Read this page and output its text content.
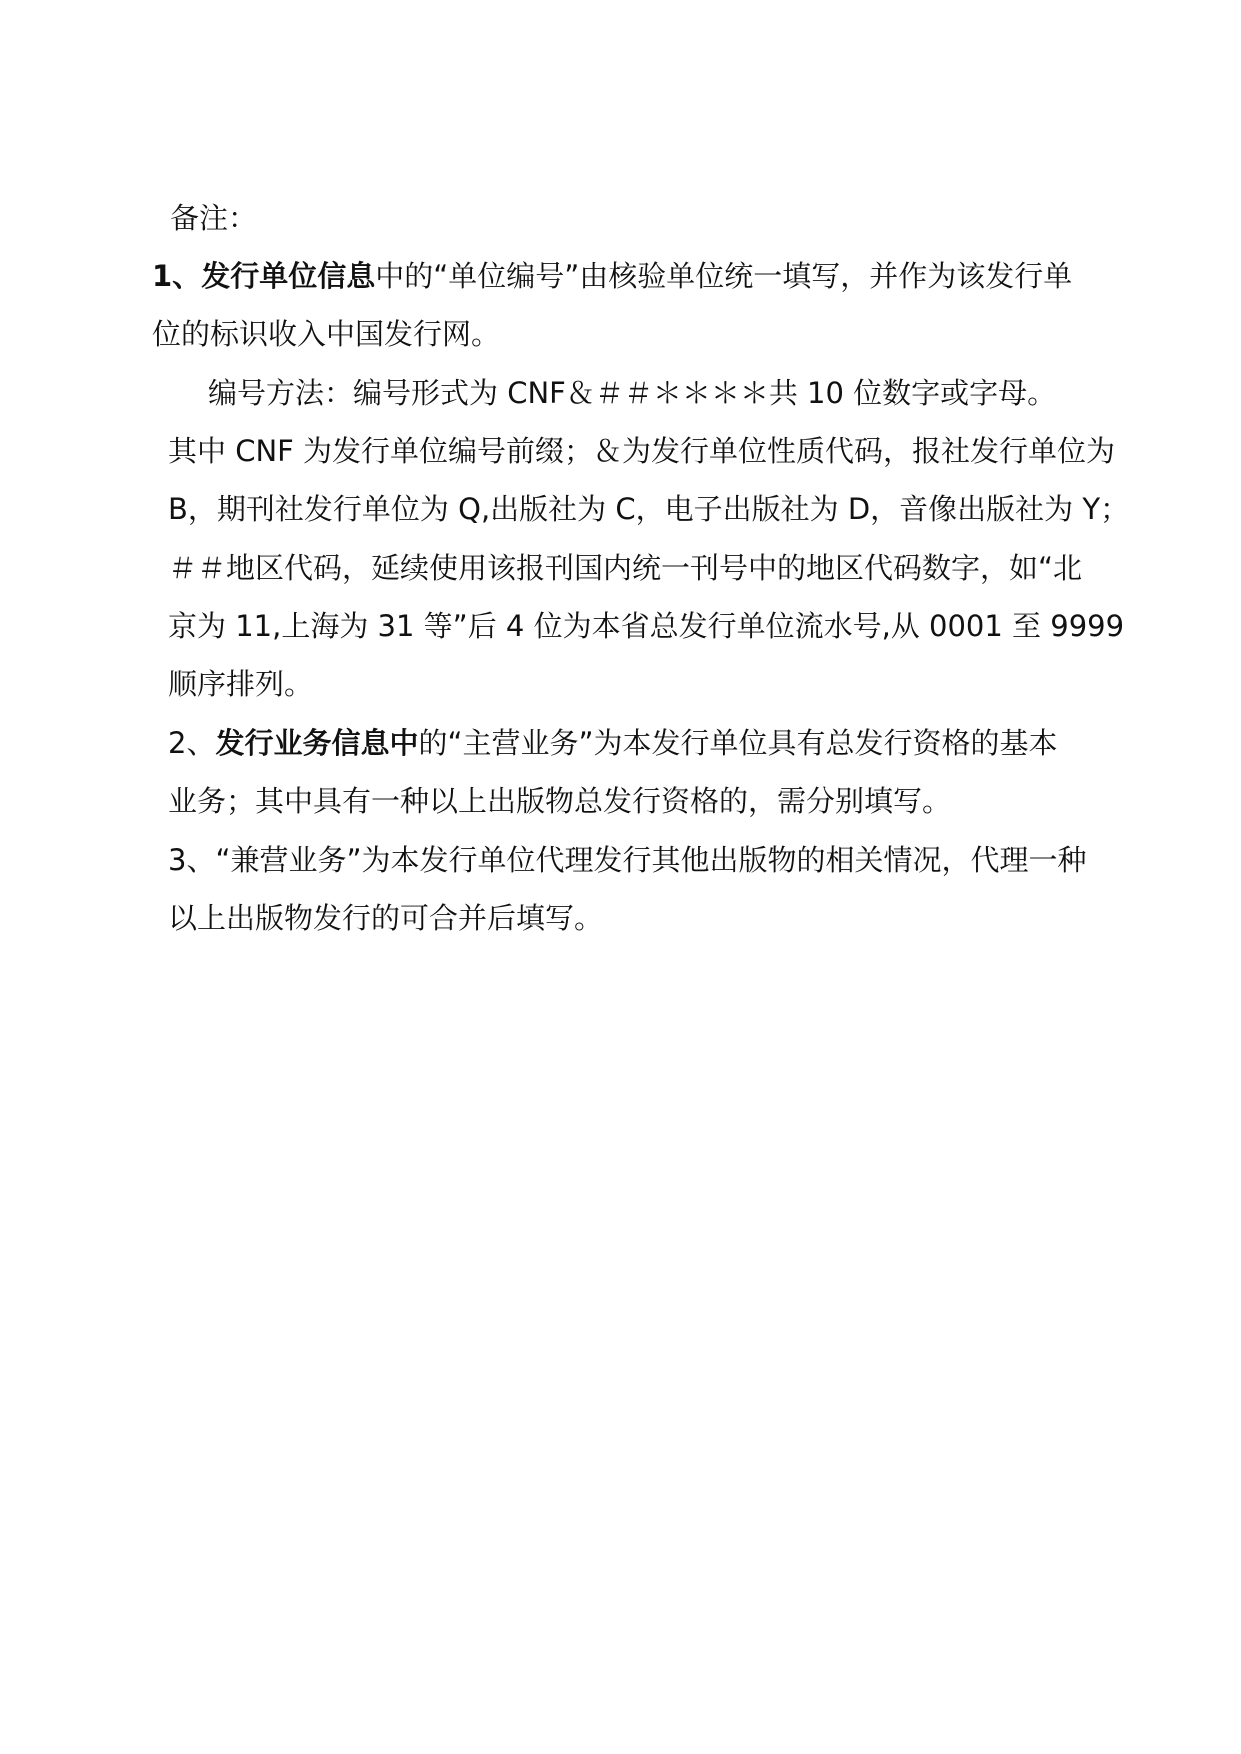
备注：
1、发行单位信息中的“单位编号”由核验单位统一填写，并作为该发行单
位的标识收入中国发行网。
编号方法：编号形式为 CNF＆＃＃＊＊＊＊共 10 位数字或字母。
其中 CNF 为发行单位编号前缀；＆为发行单位性质代码，报社发行单位为
B，期刊社发行单位为 Q,出版社为 C，电子出版社为 D，音像出版社为 Y；
＃＃地区代码，延续使用该报刊国内统一刊号中的地区代码数字，如“北
京为 11,上海为 31 等”后 4 位为本省总发行单位流水号,从 0001 至 9999
顺序排列。
2、发行业务信息中的“主营业务”为本发行单位具有总发行资格的基本
业务；其中具有一种以上出版物总发行资格的，需分别填写。
3、“兼营业务”为本发行单位代理发行其他出版物的相关情况，代理一种
以上出版物发行的可合并后填写。
